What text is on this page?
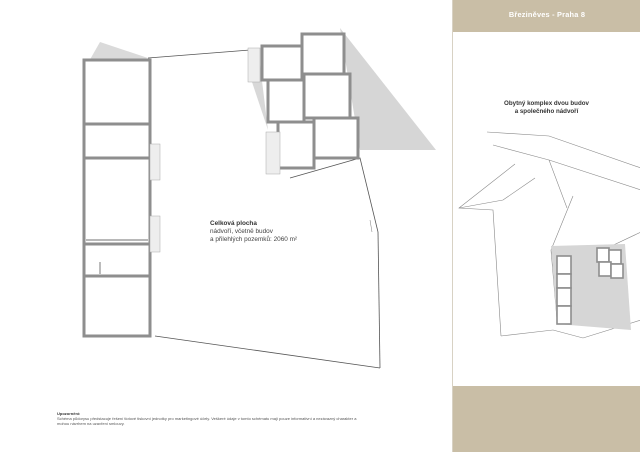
Celková plocha
nádvoří, včetně budov
a přilehlých pozemků: 2060 m²
Upozornění:
Schéma půdorysu předstacuje řešení tlotové tiskovní jednotky pro marketingové účely. Veškeré údaje v tomto schématu mají pouze informativní a nezávazný charakter a mohou návrhem na uzavření smlouvy.
Březiněves - Praha 8
Obytný komplex dvou budov
a společného nádvoří
